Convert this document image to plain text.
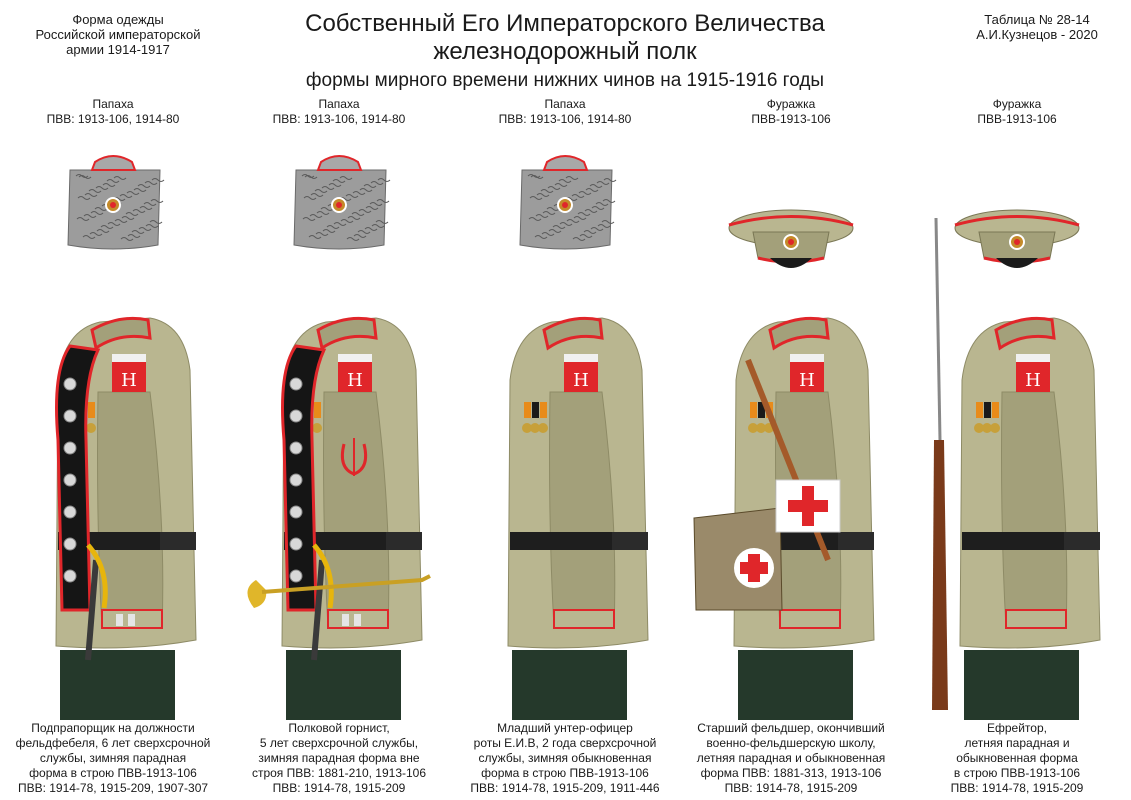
Форма одежды
Российской императорской
армии 1914-1917
Собственный Его Императорского Величества
железнодорожный полк
формы мирного времени нижних чинов на 1915-1916 годы
Таблица № 28-14
А.И.Кузнецов - 2020
Папаха
ПВВ: 1913-106, 1914-80
Н
Подпрапорщик на должности
фельдфебеля, 6 лет сверхсрочной
службы, зимняя парадная
форма в строю ПВВ-1913-106
ПВВ: 1914-78, 1915-209, 1907-307
Папаха
ПВВ: 1913-106, 1914-80
Н
Полковой горнист,
5 лет сверхсрочной службы,
зимняя парадная форма вне
строя ПВВ: 1881-210, 1913-106
ПВВ: 1914-78, 1915-209
Папаха
ПВВ: 1913-106, 1914-80
Н
Младший унтер-офицер
роты Е.И.В, 2 года сверхсрочной
службы, зимняя обыкновенная
форма в строю ПВВ-1913-106
ПВВ: 1914-78, 1915-209, 1911-446
Фуражка
ПВВ-1913-106
Н
Старший фельдшер, окончивший
военно-фельдшерскую школу,
летняя парадная и обыкновенная
форма ПВВ: 1881-313, 1913-106
ПВВ: 1914-78, 1915-209
Фуражка
ПВВ-1913-106
Н
Ефрейтор,
летняя парадная и
обыкновенная форма
в строю ПВВ-1913-106
ПВВ: 1914-78, 1915-209
